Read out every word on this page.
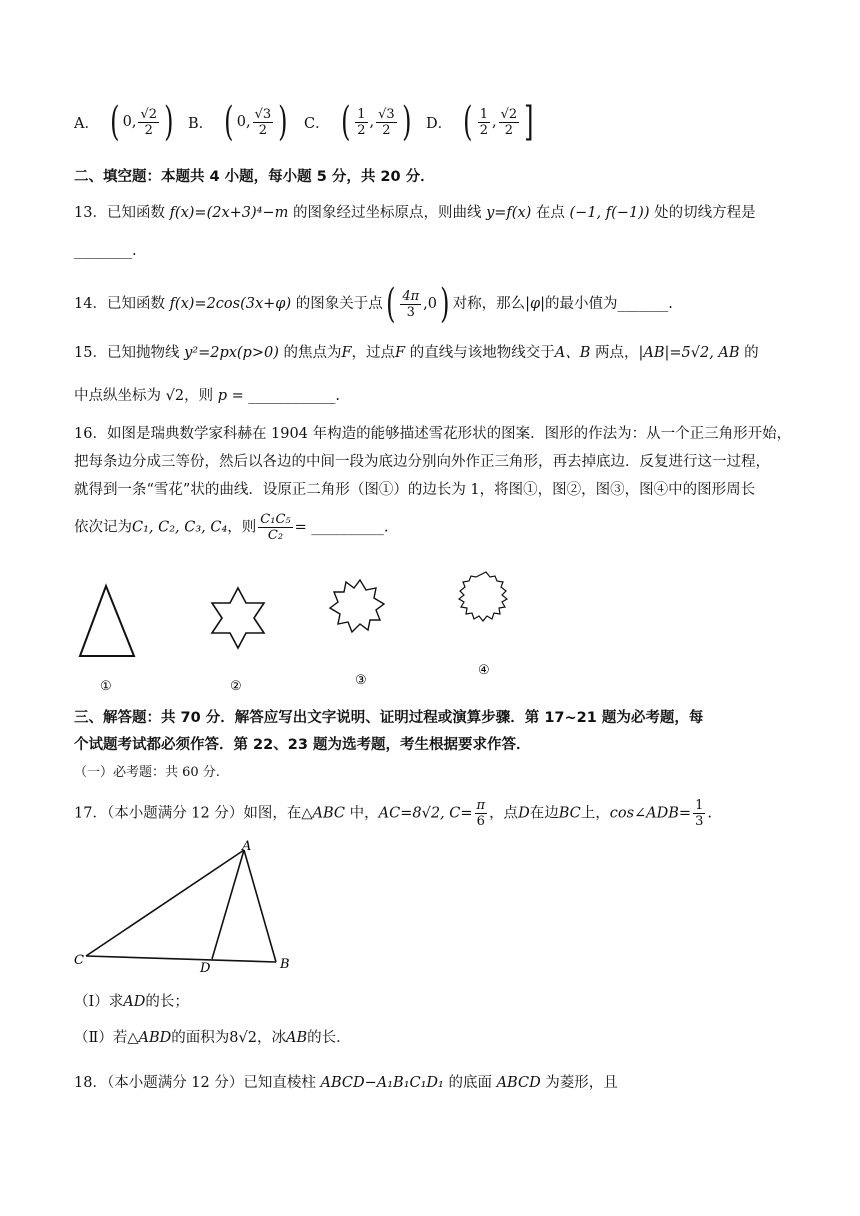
A． ( 0, $\frac{√2}{2}$ ) B． ( 0, $\frac{√3}{2}$ ) C． ( $\frac{1}{2}$ , $\frac{√3}{2}$ ) D． ( $\frac{1}{2}$ , $\frac{√2}{2}$ ]
二、填空题：本题共 4 小题，每小题 5 分，共 20 分．
13．已知函数 f(x)=(2x+3)⁴−m 的图象经过坐标原点，则曲线 y=f(x) 在点 (−1, f(−1)) 处的切线方程是
________.
14．已知函数 f(x)=2cos(3x+φ) 的图象关于点( $\frac{4\pi}{3} ,0$) 对称，那么|φ|的最小值为_______.
15．已知抛物线 y²=2px(p>0) 的焦点为F，过点F 的直线与该地物线交于A、B 两点，|AB|=5√2, AB 的
中点纵坐标为 √2，则 p = ____________.
16．如图是瑞典数学家科赫在 1904 年构造的能够描述雪花形状的图案．图形的作法为：从一个正三角形开始，
把每条边分成三等份，然后以各边的中间一段为底边分别向外作正三角形，再去掉底边．反复进行这一过程，
就得到一条“雪花”状的曲线．设原正二角形（图①）的边长为 1，将图①，图②，图③，图④中的图形周长
依次记为C₁, C₂, C₃, C₄，则 $\frac{\text{C₁C₅}}{\text{C₂}}$ = __________.
①	②	③
④
三、解答题：共 70 分．解答应写出文字说明、证明过程或演算步骤．第 17~21 题为必考题，每
个试题考试都必须作答．第 22、23 题为选考题，考生根据要求作答．
（一）必考题：共 60 分.
17．（本小题满分 12 分）如图，在△ABC 中，AC=8√2, $C= \frac{\pi}{6}$ ，点D在边BC上，cos∠ADB= $\frac{1}{3}$ .
A
C
D	B
（Ⅰ）求AD的长；
（Ⅱ）若△ABD的面积为8√2，冰AB的长．
18．（本小题满分 12 分）已知直棱柱 ABCD−A₁B₁C₁D₁ 的底面 ABCD 为菱形，且
